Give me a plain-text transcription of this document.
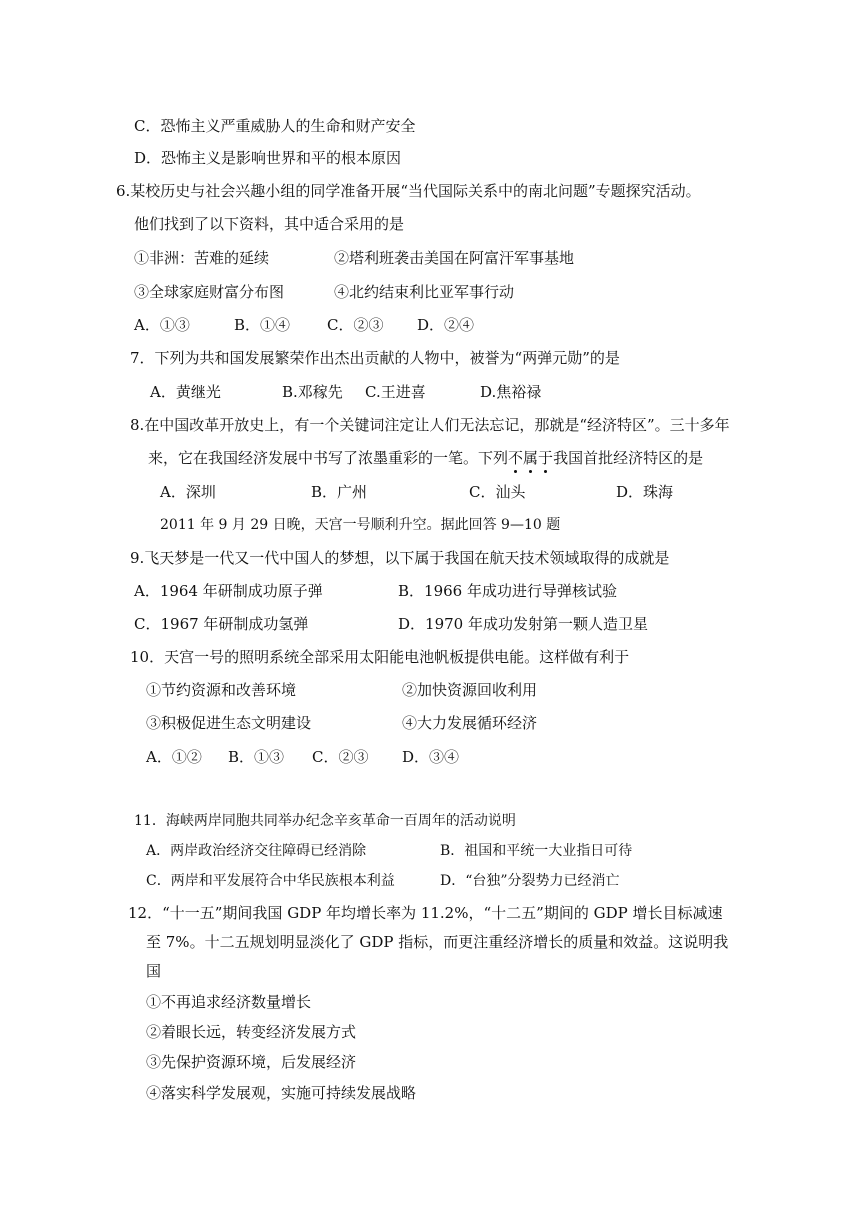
C．恐怖主义严重威胁人的生命和财产安全
D．恐怖主义是影响世界和平的根本原因
6.某校历史与社会兴趣小组的同学准备开展“当代国际关系中的南北问题”专题探究活动。
他们找到了以下资料，其中适合采用的是
①非洲：苦难的延续	②塔利班袭击美国在阿富汗军事基地
③全球家庭财富分布图	④北约结束利比亚军事行动
A．①③	B．①④ C．②③ D．②④
7．下列为共和国发展繁荣作出杰出贡献的人物中，被誉为“两弹元勋”的是
A．黄继光	B.邓稼先 C.王进喜	D.焦裕禄
8.在中国改革开放史上，有一个关键词注定让人们无法忘记，那就是“经济特区”。三十多年
来，它在我国经济发展中书写了浓墨重彩的一笔。下列不属于我国首批经济特区的是
A．深圳	B．广州	C．汕头	D．珠海
2011 年 9 月 29 日晚，天宫一号顺利升空。据此回答 9—10 题
9.飞天梦是一代又一代中国人的梦想，以下属于我国在航天技术领域取得的成就是
A．1964 年研制成功原子弹	B．1966 年成功进行导弹核试验
C．1967 年研制成功氢弹	D．1970 年成功发射第一颗人造卫星
10．天宫一号的照明系统全部采用太阳能电池帆板提供电能。这样做有利于
①节约资源和改善环境	②加快资源回收利用
③积极促进生态文明建设	④大力发展循环经济
A．①② B．①③ C．②③ D．③④
11．海峡两岸同胞共同举办纪念辛亥革命一百周年的活动说明
A．两岸政治经济交往障碍已经消除	B．祖国和平统一大业指日可待
C．两岸和平发展符合中华民族根本利益	D．“台独”分裂势力已经消亡
12．“十一五”期间我国 GDP 年均增长率为 11.2%，“十二五”期间的 GDP 增长目标减速
至 7%。十二五规划明显淡化了 GDP 指标，而更注重经济增长的质量和效益。这说明我
国
①不再追求经济数量增长
②着眼长远，转变经济发展方式
③先保护资源环境，后发展经济
④落实科学发展观，实施可持续发展战略
